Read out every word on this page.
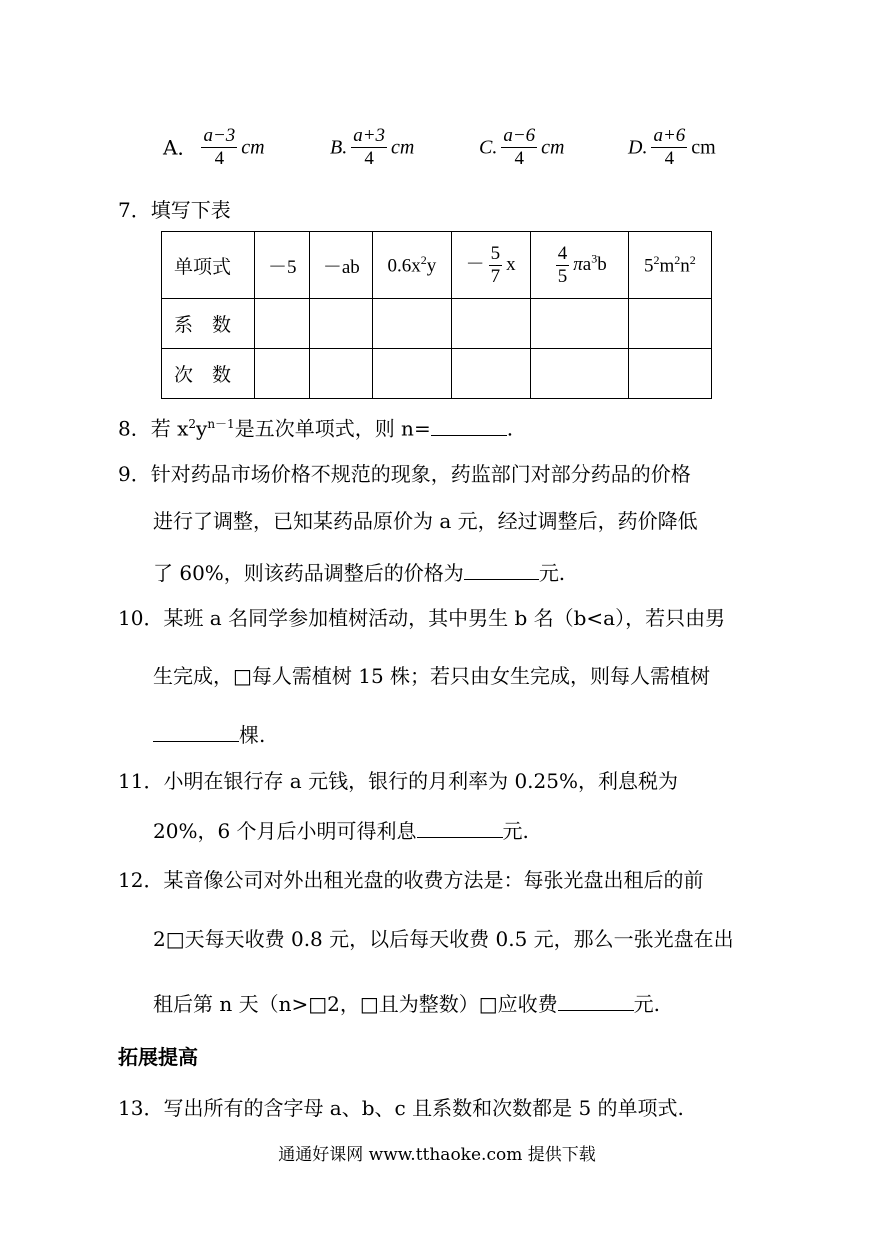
A． $\frac{a-3}{4}$ cm	B. $\frac{a+3}{4}$ cm	C. $\frac{a-6}{4}$ cm	D. $\frac{a+6}{4}$ cm
7．填写下表
单项式	－5	－ab	$0.6x^2y$	－ $\frac{5}{7}$ x	$\frac{4}{5} \pi a^3b$	$5^2m^2n^2$
系　数						
次　数						
8．若 $x^2y^{n-1}$是五次单项式，则 n=	.
9．针对药品市场价格不规范的现象，药监部门对部分药品的价格
进行了调整，已知某药品原价为 a 元，经过调整后，药价降低
了 60%，则该药品调整后的价格为	元.
10．某班 a 名同学参加植树活动，其中男生 b 名（b<a），若只由男
生完成，□每人需植树 15 株；若只由女生完成，则每人需植树
棵.
11．小明在银行存 a 元钱，银行的月利率为 0.25%，利息税为
20%，6 个月后小明可得利息	元.
12．某音像公司对外出租光盘的收费方法是：每张光盘出租后的前
2□天每天收费 0.8 元，以后每天收费 0.5 元，那么一张光盘在出
租后第 n 天（n>□2，□且为整数）□应收费	元.
拓展提高
13．写出所有的含字母 a、b、c 且系数和次数都是 5 的单项式.
通通好课网 www.tthaoke.com 提供下载
